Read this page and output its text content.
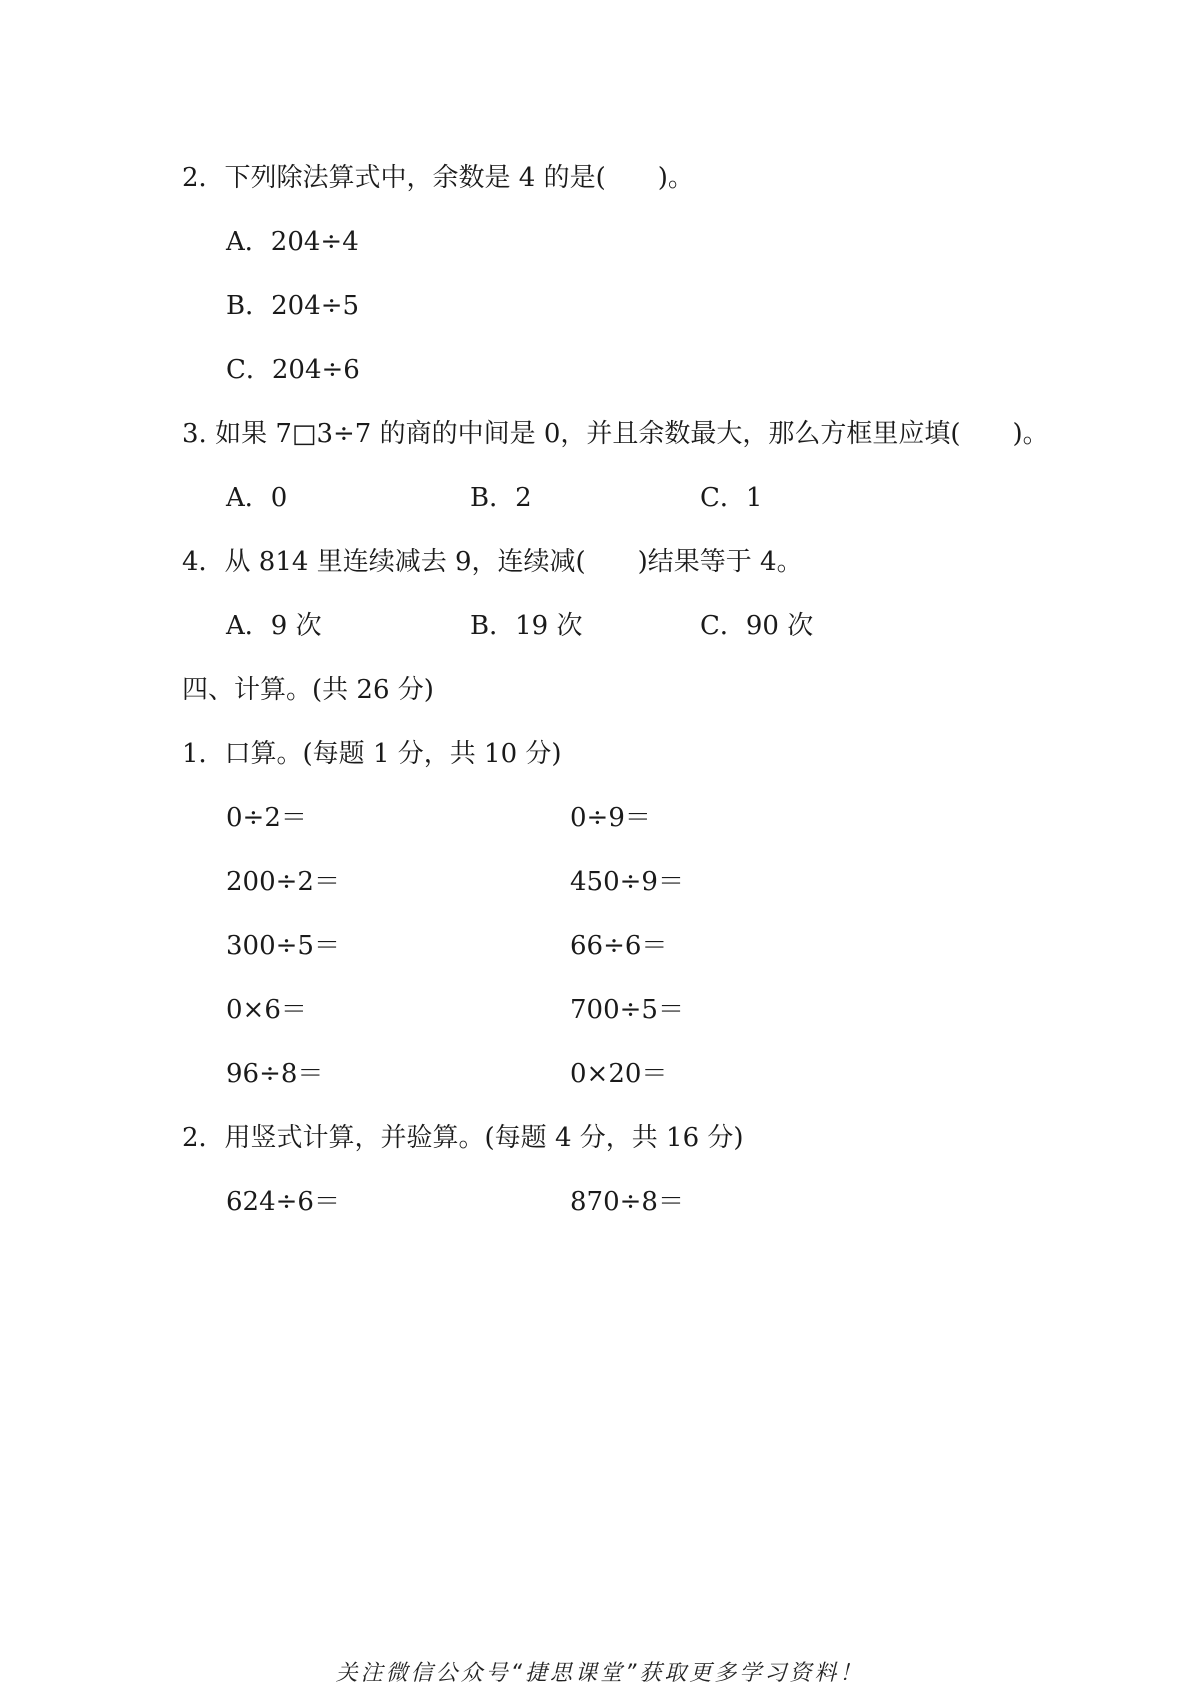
2．下列除法算式中，余数是 4 的是(　　)。
A．204÷4
B．204÷5
C．204÷6
3. 如果 7□3÷7 的商的中间是 0，并且余数最大，那么方框里应填(　　)。
A．0	B．2	C．1
4．从 814 里连续减去 9，连续减(　　)结果等于 4。
A．9 次	B．19 次	C．90 次
四、计算。(共 26 分)
1．口算。(每题 1 分，共 10 分)
0÷2＝	0÷9＝
200÷2＝	450÷9＝
300÷5＝	66÷6＝
0×6＝	700÷5＝
96÷8＝	0×20＝
2．用竖式计算，并验算。(每题 4 分，共 16 分)
624÷6＝	870÷8＝
关注微信公众号“捷思课堂”获取更多学习资料！
